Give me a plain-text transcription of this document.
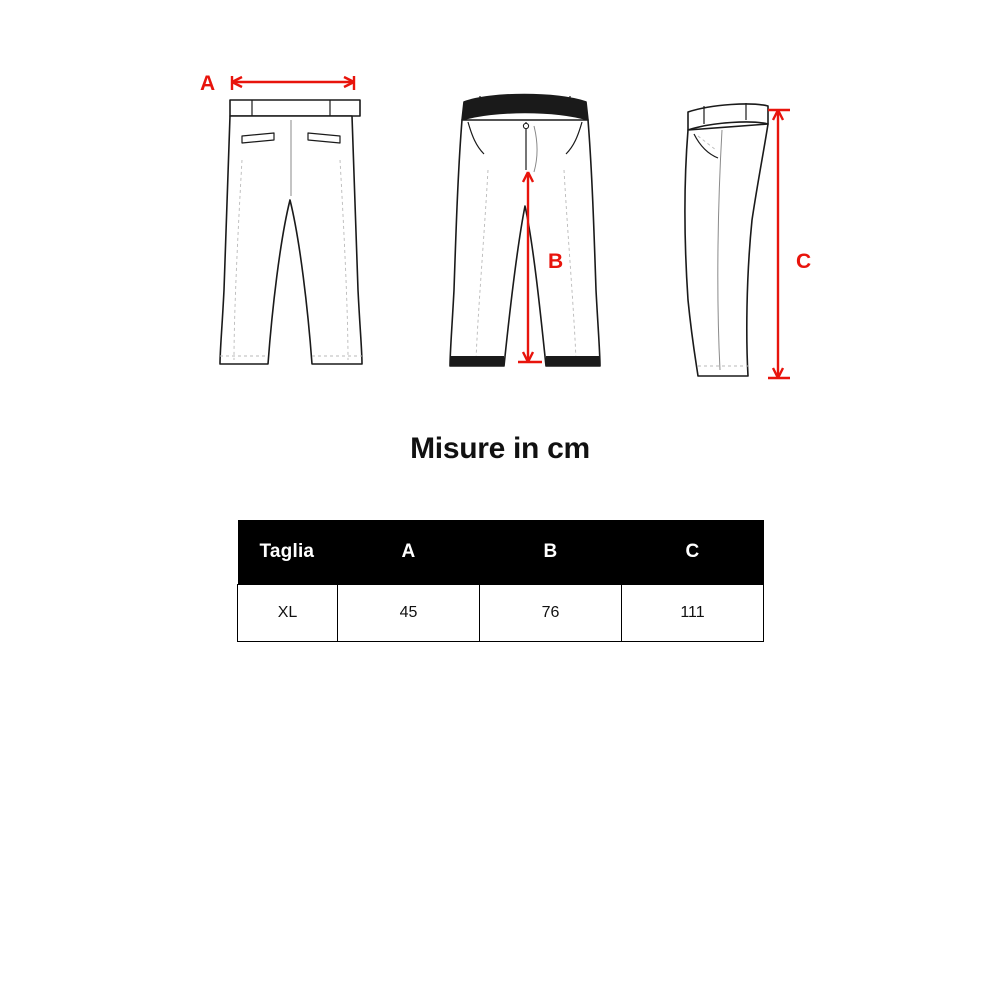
A
B	C
Misure in cm
Taglia	A	B	C
XL	45	76	111
